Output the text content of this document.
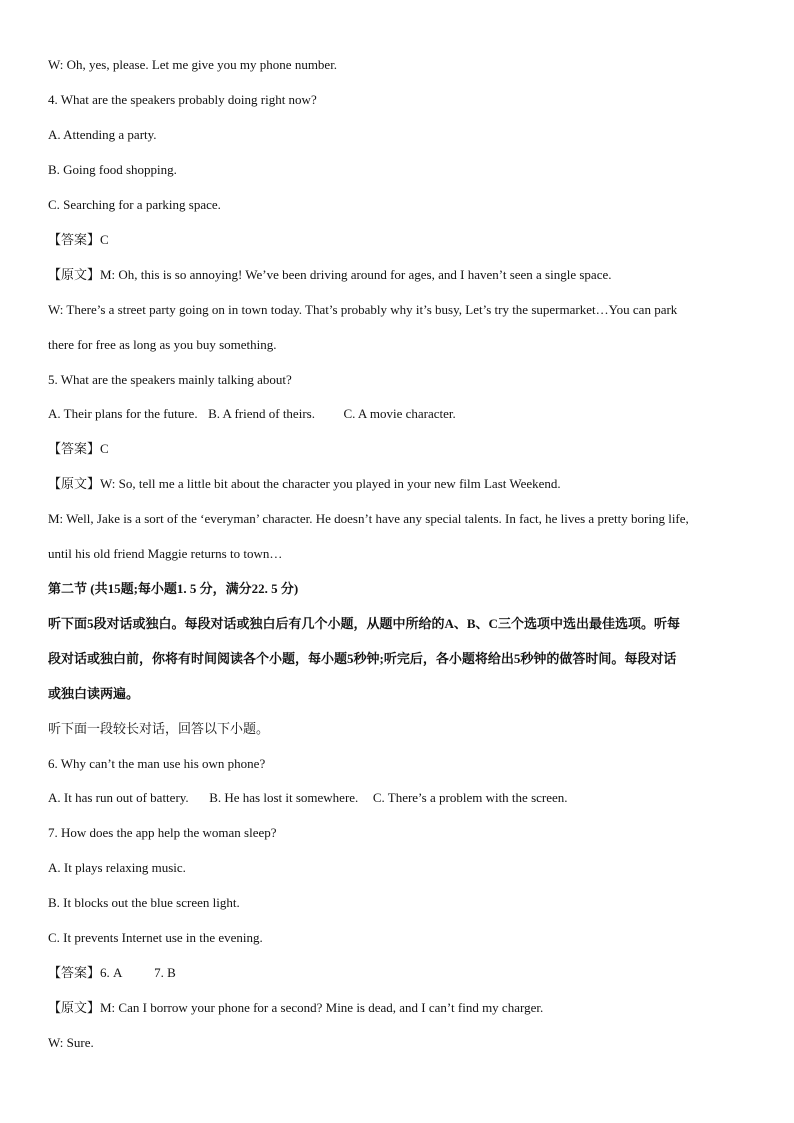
W: Oh, yes, please. Let me give you my phone number.
4. What are the speakers probably doing right now?
A. Attending a party.
B. Going food shopping.
C. Searching for a parking space.
【答案】C
【原文】M: Oh, this is so annoying! We’ve been driving around for ages, and I haven’t seen a single space.
W: There’s a street party going on in town today. That’s probably why it’s busy, Let’s try the supermarket…You can park
there for free as long as you buy something.
5. What are the speakers mainly talking about?
A. Their plans for the future. B. A friend of theirs. C. A movie character.
【答案】C
【原文】W: So, tell me a little bit about the character you played in your new film Last Weekend.
M: Well, Jake is a sort of the ‘everyman’ character. He doesn’t have any special talents. In fact, he lives a pretty boring life,
until his old friend Maggie returns to town…
第二节 (共15题;每小题1. 5 分，满分22. 5 分)
听下面5段对话或独白。每段对话或独白后有几个小题，从题中所给的A、B、C三个选项中选出最佳选项。听每
段对话或独白前，你将有时间阅读各个小题，每小题5秒钟;听完后，各小题将给出5秒钟的做答时间。每段对话
或独白读两遍。
听下面一段较长对话，回答以下小题。
6. Why can’t the man use his own phone?
A. It has run out of battery. B. He has lost it somewhere. C. There’s a problem with the screen.
7. How does the app help the woman sleep?
A. It plays relaxing music.
B. It blocks out the blue screen light.
C. It prevents Internet use in the evening.
【答案】6. A	7. B
【原文】M: Can I borrow your phone for a second? Mine is dead, and I can’t find my charger.
W: Sure.
